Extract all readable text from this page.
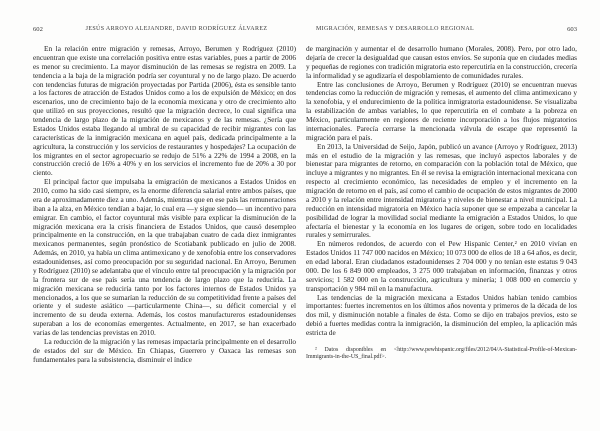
602	JESÚS ARROYO ALEJANDRE, DAVID RODRÍGUEZ ÁLVAREZ

En la relación entre migración y remesas, Arroyo, Berumen y Rodríguez (2010) encuentran que existe una correlación positiva entre estas variables, pues a partir de 2006 es menor su crecimiento. La mayor disminución de las remesas se registra en 2009. La tendencia a la baja de la migración podría ser coyuntural y no de largo plazo. De acuerdo con tendencias futuras de migración proyectadas por Partida (2006), ésta es sensible tanto a los factores de atracción de Estados Unidos como a los de expulsión de México; en dos escenarios, uno de crecimiento bajo de la economía mexicana y otro de crecimiento alto que utilizó en sus proyecciones, resultó que la migración decrece, lo cual significa una tendencia de largo plazo de la migración de mexicanos y de las remesas. ¿Sería que Estados Unidos estaba llegando al umbral de su capacidad de recibir migrantes con las características de la inmigración mexicana en aquel país, dedicada principalmente a la agricultura, la construcción y los servicios de restaurantes y hospedajes? La ocupación de los migrantes en el sector agropecuario se redujo de 51% a 22% de 1994 a 2008, en la construcción creció de 16% a 40% y en los servicios el incremento fue de 20% a 30 por ciento.

El principal factor que impulsaba la emigración de mexicanos a Estados Unidos en 2010, como ha sido casi siempre, es la enorme diferencia salarial entre ambos países, que era de aproximadamente diez a uno. Además, mientras que en ese país las remuneraciones iban a la alza, en México tendían a bajar, lo cual era —y sigue siendo— un incentivo para emigrar. En cambio, el factor coyuntural más visible para explicar la disminución de la migración mexicana era la crisis financiera de Estados Unidos, que causó desempleo principalmente en la construcción, en la que trabajaban cuatro de cada diez inmigrantes mexicanos permanentes, según pronóstico de Scotiabank publicado en julio de 2008. Además, en 2010, ya había un clima antimexicano y de xenofobia entre los conservadores estadounidenses, así como preocupación por su seguridad nacional. En Arroyo, Berumen y Rodríguez (2010) se adelantaba que el vínculo entre tal preocupación y la migración por la frontera sur de ese país sería una tendencia de largo plazo que la reduciría. La migración mexicana se reduciría tanto por los factores internos de Estados Unidos ya mencionados, a los que se sumarían la reducción de su competitividad frente a países del oriente y el sudeste asiático —particularmente China—, su déficit comercial y el incremento de su deuda externa. Además, los costos manufactureros estadounidenses superaban a los de economías emergentes. Actualmente, en 2017, se han exacerbado varias de las tendencias previstas en 2010.

La reducción de la migración y las remesas impactaría principalmente en el desarrollo de estados del sur de México. En Chiapas, Guerrero y Oaxaca las remesas son fundamentales para la subsistencia, disminuir el índice

MIGRACIÓN, REMESAS Y DESARROLLO REGIONAL	603

de marginación y aumentar el de desarrollo humano (Morales, 2008). Pero, por otro lado, dejaría de crecer la desigualdad que causan estos envíos. Se suponía que en ciudades medias y pequeñas de regiones con tradición migratoria esto repercutiría en la construcción, crecería la informalidad y se agudizaría el despoblamiento de comunidades rurales.

Entre las conclusiones de Arroyo, Berumen y Rodríguez (2010) se encuentran nuevas tendencias como la reducción de migración y remesas, el aumento del clima antimexicano y la xenofobia, y el endurecimiento de la política inmigratoria estadounidense. Se visualizaba la estabilización de ambas variables, lo que repercutiría en el combate a la pobreza en México, particularmente en regiones de reciente incorporación a los flujos migratorios internacionales. Parecía cerrarse la mencionada válvula de escape que representó la migración para el país.

En 2013, la Universidad de Seijo, Japón, publicó un avance (Arroyo y Rodríguez, 2013) más en el estudio de la migración y las remesas, que incluyó aspectos laborales y de bienestar para migrantes de retorno, en comparación con la población total de México, que incluye a migrantes y no migrantes. En él se revisa la emigración internacional mexicana con respecto al crecimiento económico, las necesidades de empleo y el incremento en la migración de retorno en el país, así como el cambio de ocupación de estos migrantes de 2000 a 2010 y la relación entre intensidad migratoria y niveles de bienestar a nivel municipal. La reducción en intensidad migratoria en México hacía suponer que se empezaba a cancelar la posibilidad de lograr la movilidad social mediante la emigración a Estados Unidos, lo que afectaría el bienestar y la economía en los lugares de origen, sobre todo en localidades rurales y semirrurales.

En números redondos, de acuerdo con el Pew Hispanic Center,² en 2010 vivían en Estados Unidos 11 747 000 nacidos en México; 10 073 000 de ellos de 18 a 64 años, es decir, en edad laboral. Eran ciudadanos estadounidenses 2 704 000 y no tenían este estatus 9 043 000. De los 6 849 000 empleados, 3 275 000 trabajaban en información, finanzas y otros servicios; 1 582 000 en la construcción, agricultura y minería; 1 008 000 en comercio y transportación y 984 mil en la manufactura.

Las tendencias de la migración mexicana a Estados Unidos habían tenido cambios importantes: fuertes incrementos en los últimos años noventa y primeros de la década de los dos mil, y disminución notable a finales de ésta. Como se dijo en trabajos previos, esto se debió a fuertes medidas contra la inmigración, la disminución del empleo, la aplicación más estricta de

² Datos disponibles en <http://www.pewhispanic.org/files/2012/04/A-Statistical-Profile-of-Mexican-Immigrants-in-the-US_final.pdf>.
